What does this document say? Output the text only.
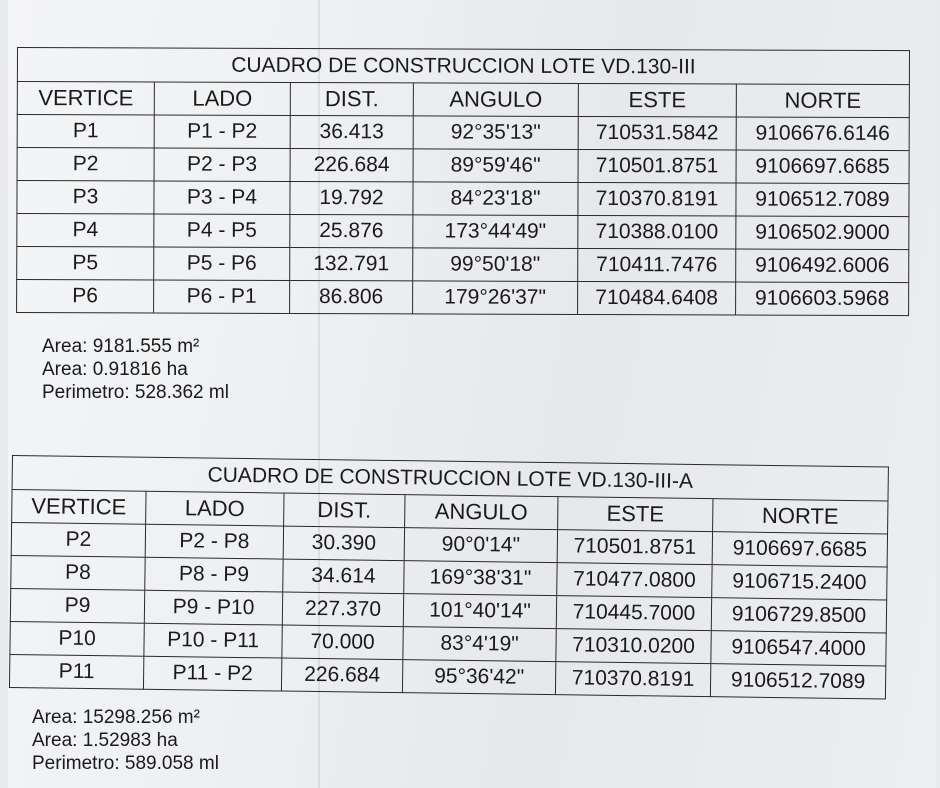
CUADRO DE CONSTRUCCION LOTE VD.130-III					
VERTICE	LADO	DIST.	ANGULO	ESTE	NORTE
P1	P1 - P2	36.413	92°35'13"	710531.5842	9106676.6146
P2	P2 - P3	226.684	89°59'46"	710501.8751	9106697.6685
P3	P3 - P4	19.792	84°23'18"	710370.8191	9106512.7089
P4	P4 - P5	25.876	173°44'49"	710388.0100	9106502.9000
P5	P5 - P6	132.791	99°50'18"	710411.7476	9106492.6006
P6	P6 - P1	86.806	179°26'37"	710484.6408	9106603.5968
Area: 9181.555 m²
Area: 0.91816 ha
Perimetro: 528.362 ml
CUADRO DE CONSTRUCCION LOTE VD.130-III-A					
VERTICE	LADO	DIST.	ANGULO	ESTE	NORTE
P2	P2 - P8	30.390	90°0'14"	710501.8751	9106697.6685
P8	P8 - P9	34.614	169°38'31"	710477.0800	9106715.2400
P9	P9 - P10	227.370	101°40'14"	710445.7000	9106729.8500
P10	P10 - P11	70.000	83°4'19"	710310.0200	9106547.4000
P11	P11 - P2	226.684	95°36'42"	710370.8191	9106512.7089
Area: 15298.256 m²
Area: 1.52983 ha
Perimetro: 589.058 ml
